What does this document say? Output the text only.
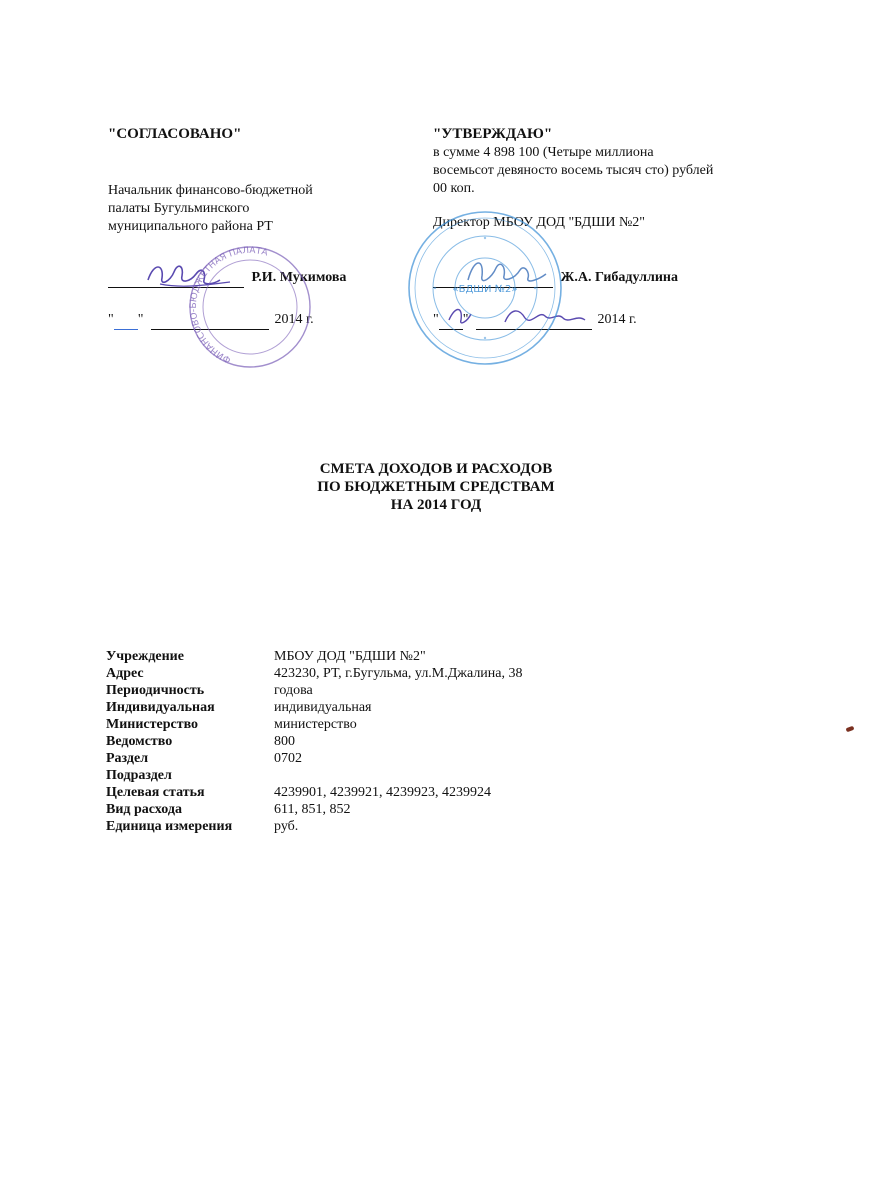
"СОГЛАСОВАНО"
Начальник финансово-бюджетной
палаты Бугульминского
муниципального района РТ
Р.И. Мукимова
" "	2014 г.
ФИНАНСОВО-БЮДЖЕТНАЯ ПАЛАТА
"УТВЕРЖДАЮ"
в сумме 4 898 100 (Четыре миллиона
восемьсот девяносто восемь тысяч сто) рублей
00 коп.
Директор МБОУ ДОД "БДШИ №2"
Ж.А. Гибадуллина
" "	2014 г.
«БДШИ №2»
СМЕТА ДОХОДОВ И РАСХОДОВ
ПО БЮДЖЕТНЫМ СРЕДСТВАМ
НА 2014 ГОД
Учреждение	МБОУ ДОД "БДШИ №2"
Адрес	423230, РТ, г.Бугульма, ул.М.Джалина, 38
Периодичность	годова
Индивидуальная	индивидуальная
Министерство	министерство
Ведомство	800
Раздел	0702
Подраздел	
Целевая статья	4239901, 4239921, 4239923, 4239924
Вид расхода	611, 851, 852
Единица измерения	руб.
